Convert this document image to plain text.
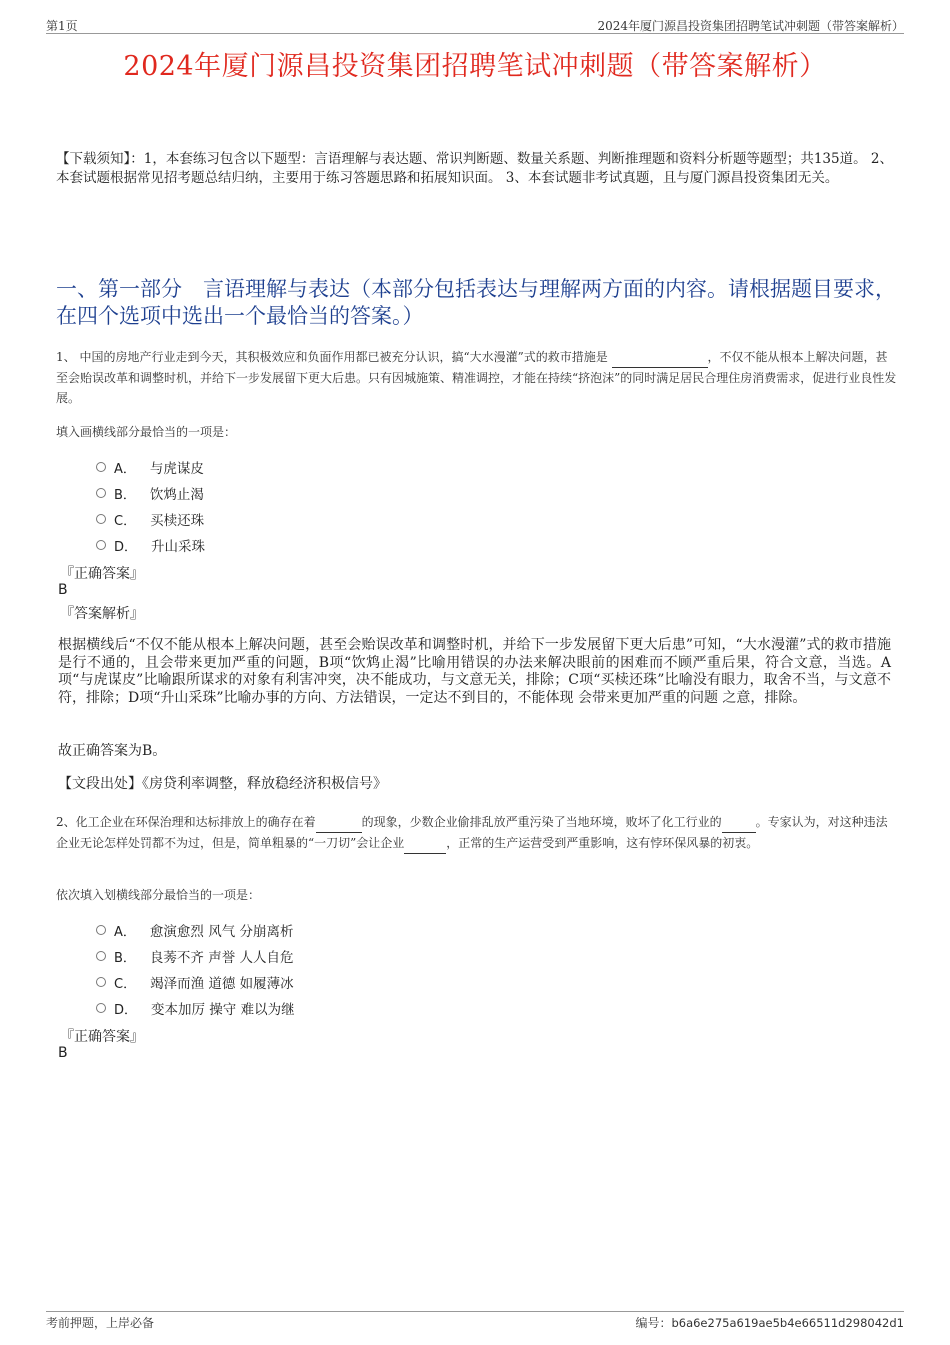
第1页	2024年厦门源昌投资集团招聘笔试冲刺题（带答案解析）
2024年厦门源昌投资集团招聘笔试冲刺题（带答案解析）
【下载须知】：1，本套练习包含以下题型：言语理解与表达题、常识判断题、数量关系题、判断推理题和资料分析题等题型；共135道。 2、本套试题根据常见招考题总结归纳，主要用于练习答题思路和拓展知识面。 3、本套试题非考试真题，且与厦门源昌投资集团无关。
一、第一部分　言语理解与表达（本部分包括表达与理解两方面的内容。请根据题目要求，在四个选项中选出一个最恰当的答案。）
1、 中国的房地产行业走到今天，其积极效应和负面作用都已被充分认识，搞“大水漫灌”式的救市措施是	，不仅不能从根本上解决问题，甚至会贻误改革和调整时机，并给下一步发展留下更大后患。只有因城施策、精准调控，才能在持续“挤泡沫”的同时满足居民合理住房消费需求，促进行业良性发展。
填入画横线部分最恰当的一项是：
A． 与虎谋皮
B． 饮鸩止渴
C． 买椟还珠
D． 升山采珠
『正确答案』
B
『答案解析』
根据横线后“不仅不能从根本上解决问题，甚至会贻误改革和调整时机，并给下一步发展留下更大后患”可知，“大水漫灌”式的救市措施是行不通的，且会带来更加严重的问题，B项“饮鸩止渴”比喻用错误的办法来解决眼前的困难而不顾严重后果，符合文意，当选。A项“与虎谋皮”比喻跟所谋求的对象有利害冲突，决不能成功，与文意无关，排除；C项“买椟还珠”比喻没有眼力，取舍不当，与文意不符，排除；D项“升山采珠”比喻办事的方向、方法错误，一定达不到目的，不能体现 会带来更加严重的问题 之意，排除。
故正确答案为B。
【文段出处】《房贷利率调整，释放稳经济积极信号》
2、化工企业在环保治理和达标排放上的确存在着	的现象，少数企业偷排乱放严重污染了当地环境，败坏了化工行业的	。专家认为，对这种违法企业无论怎样处罚都不为过，但是，简单粗暴的“一刀切”会让企业	，正常的生产运营受到严重影响，这有悖环保风暴的初衷。
依次填入划横线部分最恰当的一项是：
A． 愈演愈烈 风气 分崩离析
B． 良莠不齐 声誉 人人自危
C． 竭泽而渔 道德 如履薄冰
D． 变本加厉 操守 难以为继
『正确答案』
B
考前押题，上岸必备	编号：b6a6e275a619ae5b4e66511d298042d1
